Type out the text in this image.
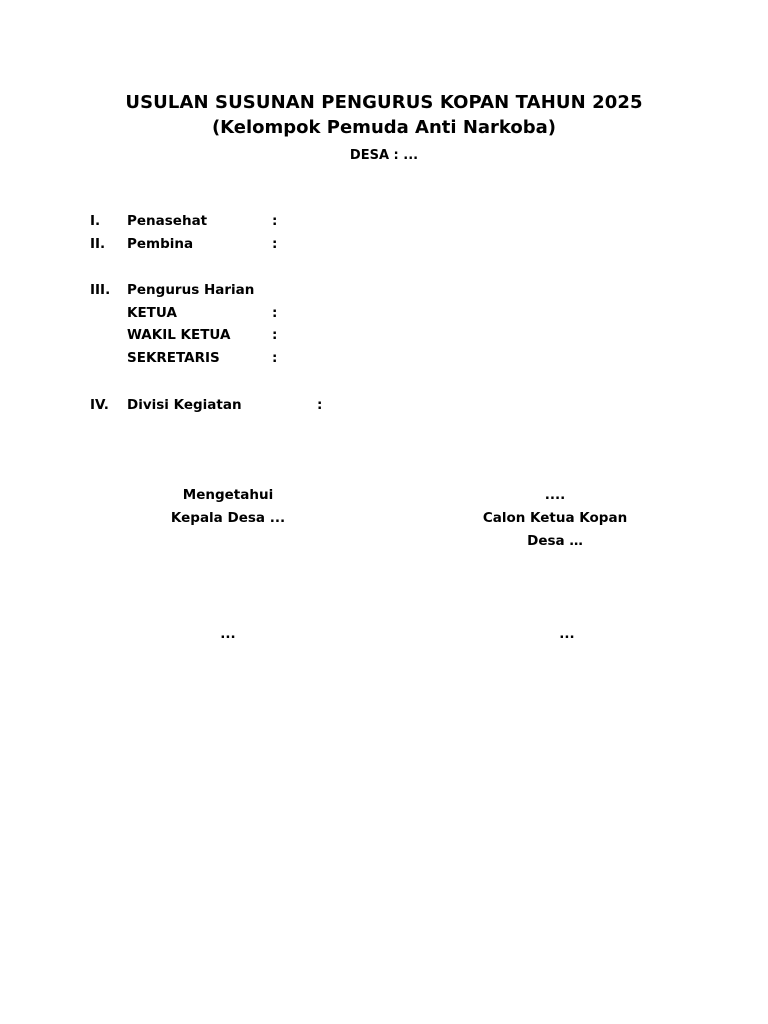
USULAN SUSUNAN PENGURUS KOPAN TAHUN 2025
(Kelompok Pemuda Anti Narkoba)
DESA : ...
I. Penasehat	:
II. Pembina	:
III. Pengurus Harian
KETUA	:
WAKIL KETUA	:
SEKRETARIS	:
IV. Divisi Kegiatan	:
Mengetahui
Kepala Desa ...
...
....
Calon Ketua Kopan
Desa …
...
